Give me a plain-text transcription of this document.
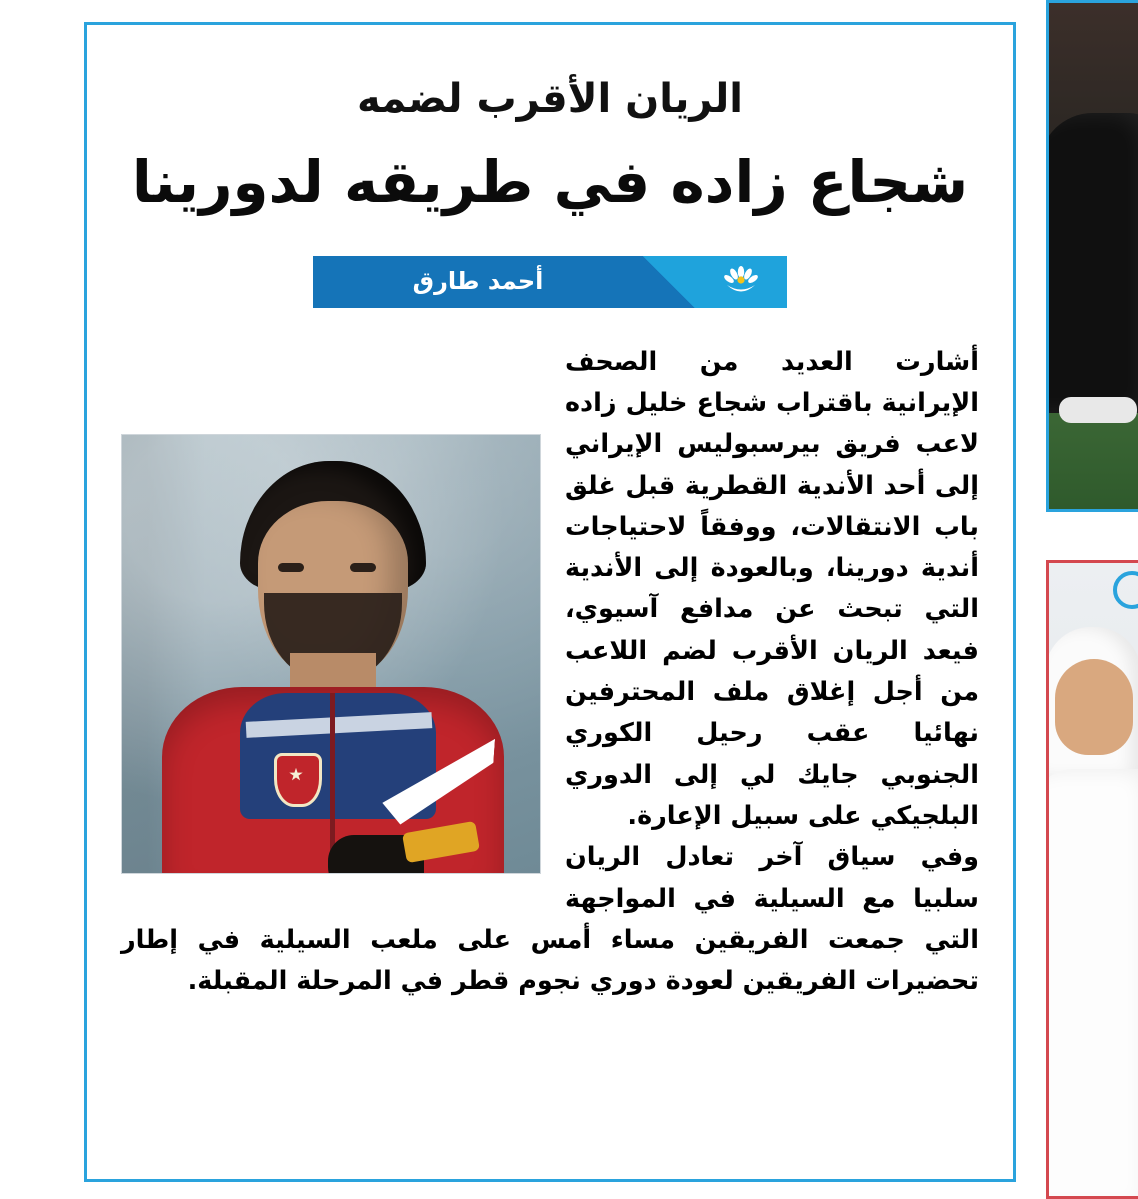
الريان الأقرب لضمه
شجاع زاده في طريقه لدورينا
أحمد طارق

أشارت العديد من الصحف الإيرانية باقتراب شجاع خليل زاده لاعب فريق بيرسبوليس الإيراني إلى أحد الأندية القطرية قبل غلق باب الانتقالات، ووفقاً لاحتياجات أندية دورينا، وبالعودة إلى الأندية التي تبحث عن مدافع آسيوي، فيعد الريان الأقرب لضم اللاعب من أجل إغلاق ملف المحترفين نهائيا عقب رحيل الكوري الجنوبي جايك لي إلى الدوري البلجيكي على سبيل الإعارة.

وفي سياق آخر تعادل الريان سلبيا مع السيلية في المواجهة التي جمعت الفريقين مساء أمس على ملعب السيلية في إطار تحضيرات الفريقين لعودة دوري نجوم قطر في المرحلة المقبلة.
